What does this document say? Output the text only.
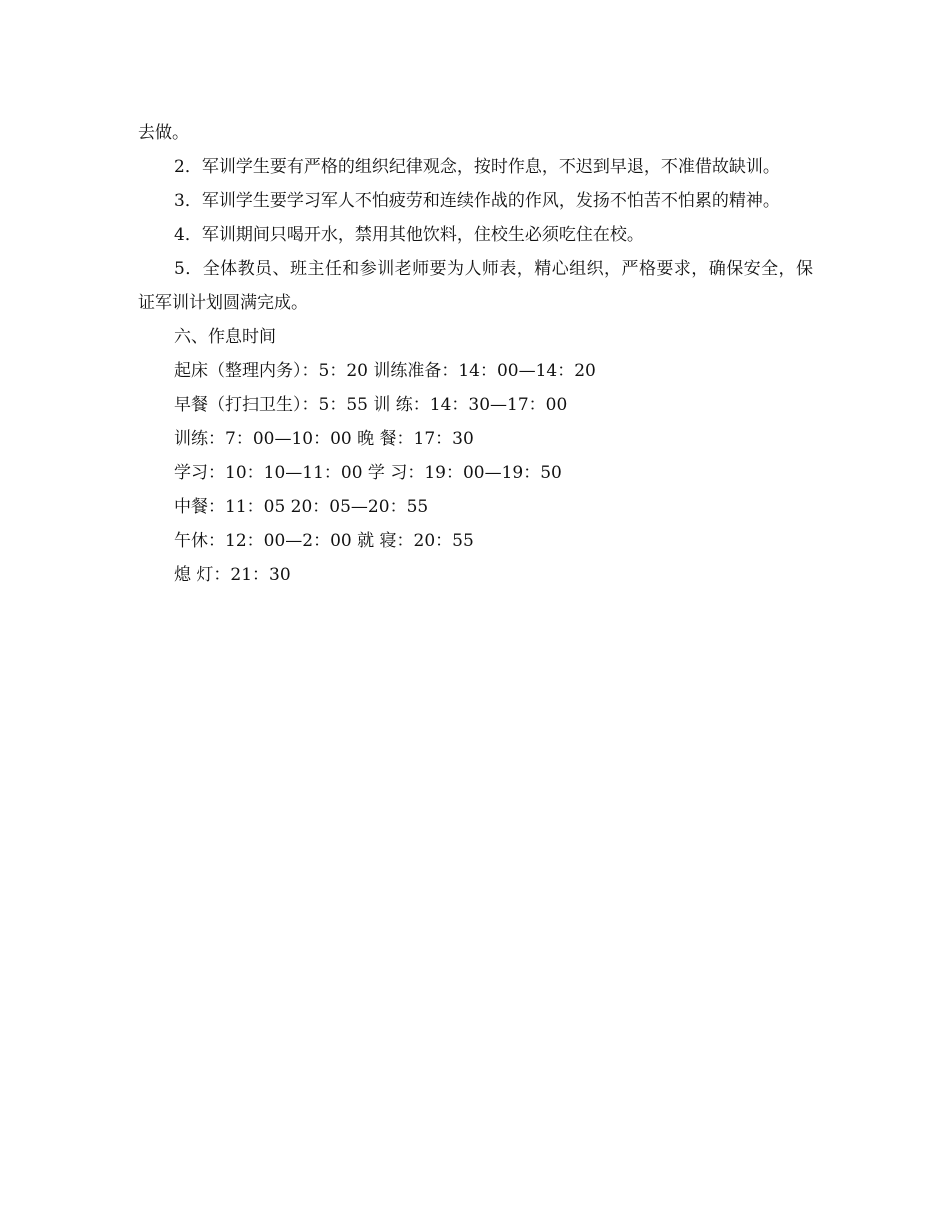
去做。

2．军训学生要有严格的组织纪律观念，按时作息，不迟到早退，不准借故缺训。

3．军训学生要学习军人不怕疲劳和连续作战的作风，发扬不怕苦不怕累的精神。

4．军训期间只喝开水，禁用其他饮料，住校生必须吃住在校。

5．全体教员、班主任和参训老师要为人师表，精心组织，严格要求，确保安全，保证军训计划圆满完成。

六、作息时间

起床（整理内务）：5：20 训练准备：14：00—14：20

早餐（打扫卫生）：5：55 训 练：14：30—17：00

训练：7：00—10：00 晚 餐：17：30

学习：10：10—11：00 学 习：19：00—19：50

中餐：11：05 20：05—20：55

午休：12：00—2：00 就 寝：20：55

熄 灯：21：30
